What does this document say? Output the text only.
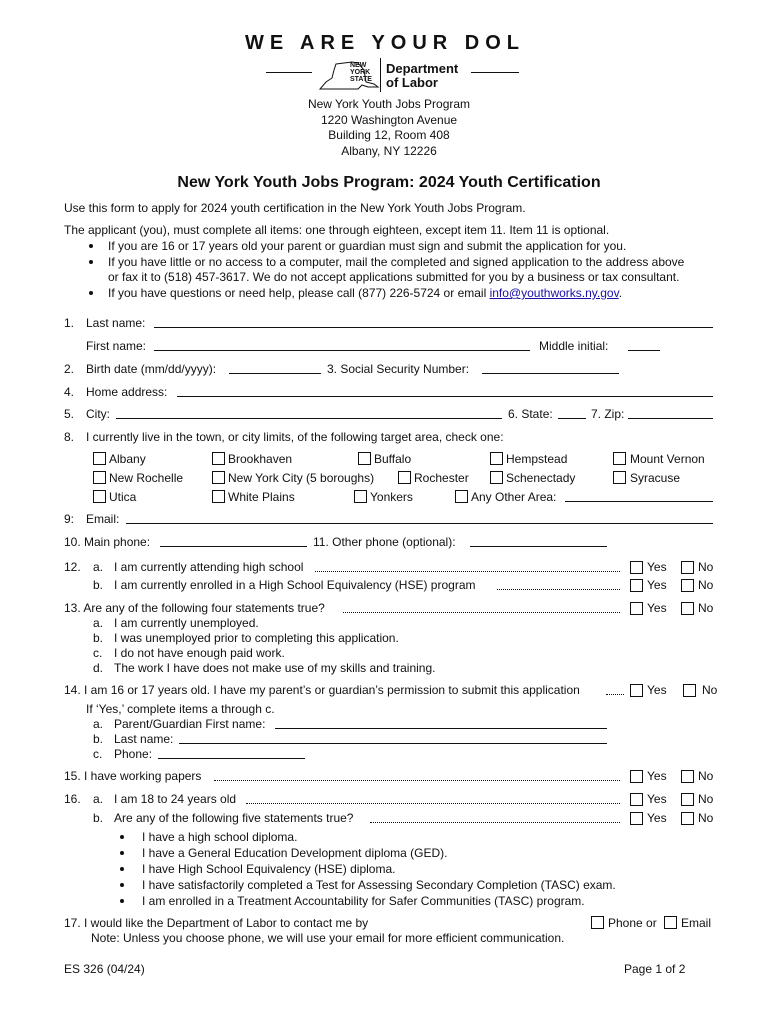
WE ARE YOUR DOL
NEW
YORK
STATE
Department
of Labor
New York Youth Jobs Program
1220 Washington Avenue
Building 12, Room 408
Albany, NY 12226
New York Youth Jobs Program: 2024 Youth Certification
Use this form to apply for 2024 youth certification in the New York Youth Jobs Program.
The applicant (you), must complete all items: one through eighteen, except item 11. Item 11 is optional.
If you are 16 or 17 years old your parent or guardian must sign and submit the application for you.
If you have little or no access to a computer, mail the completed and signed application to the address above
or fax it to (518) 457-3617. We do not accept applications submitted for you by a business or tax consultant.
If you have questions or need help, please call (877) 226-5724 or email info@youthworks.ny.gov.
1. Last name:
First name:	Middle initial:
2. Birth date (mm/dd/yyyy):	3. Social Security Number:
4. Home address:
5. City:	6. State:	7. Zip:
8. I currently live in the town, or city limits, of the following target area, check one:
Albany	Brookhaven	Buffalo	Hempstead	Mount Vernon
New Rochelle	New York City (5 boroughs)	Rochester	Schenectady	Syracuse
Utica	White Plains	Yonkers	Any Other Area:
9: Email:
10. Main phone:	11. Other phone (optional):
12. a. I am currently attending high school	Yes	No
b. I am currently enrolled in a High School Equivalency (HSE) program	Yes	No
13. Are any of the following four statements true?	Yes	No
a. I am currently unemployed.
b. I was unemployed prior to completing this application.
c. I do not have enough paid work.
d. The work I have does not make use of my skills and training.
14. I am 16 or 17 years old. I have my parent’s or guardian’s permission to submit this application	Yes	No
If ‘Yes,’ complete items a through c.
a. Parent/Guardian First name:
b. Last name:
c. Phone:
15. I have working papers	Yes	No
16. a. I am 18 to 24 years old	Yes	No
b. Are any of the following five statements true?	Yes	No
I have a high school diploma.
I have a General Education Development diploma (GED).
I have High School Equivalency (HSE) diploma.
I have satisfactorily completed a Test for Assessing Secondary Completion (TASC) exam.
I am enrolled in a Treatment Accountability for Safer Communities (TASC) program.
17. I would like the Department of Labor to contact me by	Phone or Email
Note: Unless you choose phone, we will use your email for more efficient communication.
ES 326 (04/24)	Page 1 of 2
